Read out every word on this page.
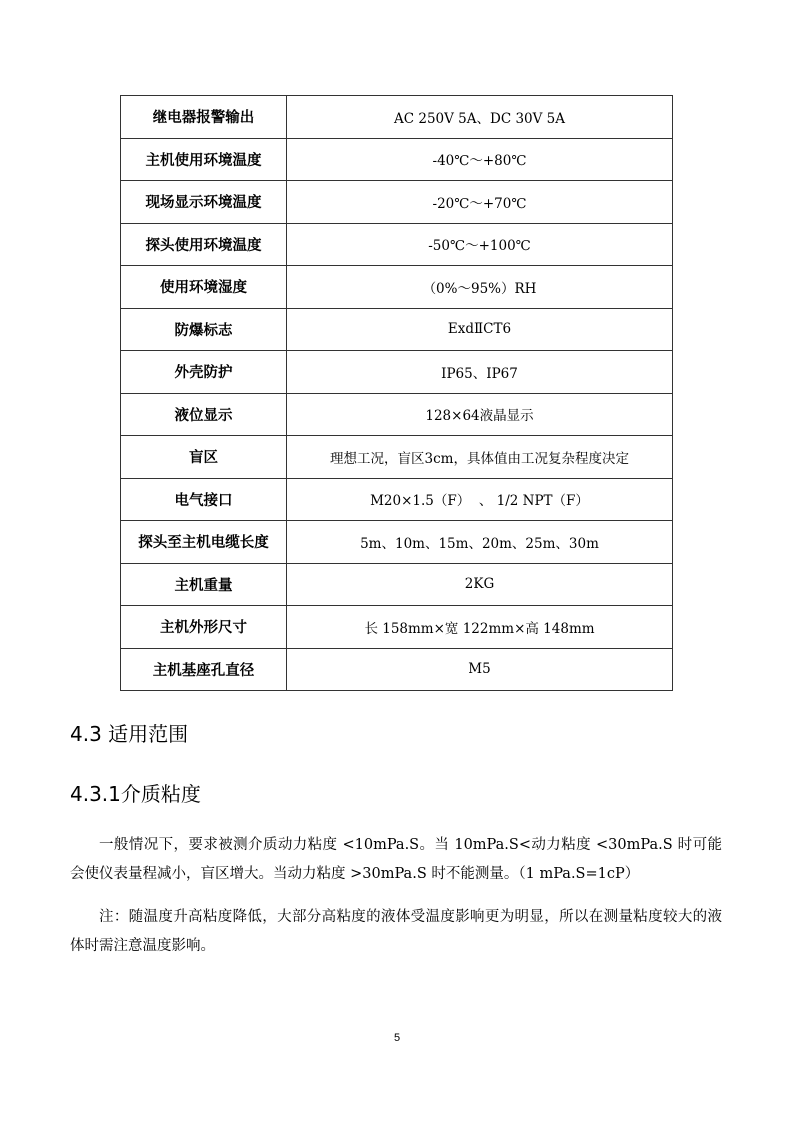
继电器报警输出	AC 250V 5A、DC 30V 5A
主机使用环境温度	-40℃～+80℃
现场显示环境温度	-20℃～+70℃
探头使用环境温度	-50℃～+100℃
使用环境湿度	（0%～95%）RH
防爆标志	ExdⅡCT6
外壳防护	IP65、IP67
液位显示	128×64液晶显示
盲区	理想工况，盲区3cm，具体值由工况复杂程度决定
电气接口	M20×1.5（F）  、 1/2 NPT（F）
探头至主机电缆长度	5m、10m、15m、20m、25m、30m
主机重量	2KG
主机外形尺寸	长 158mm×宽 122mm×高 148mm
主机基座孔直径	M5
4.3 适用范围
4.3.1介质粘度

一般情况下，要求被测介质动力粘度 <10mPa.S。当 10mPa.S<动力粘度 <30mPa.S 时可能会使仪表量程减小，盲区增大。当动力粘度 >30mPa.S 时不能测量。（1 mPa.S=1cP）

注：随温度升高粘度降低，大部分高粘度的液体受温度影响更为明显，所以在测量粘度较大的液体时需注意温度影响。

5
